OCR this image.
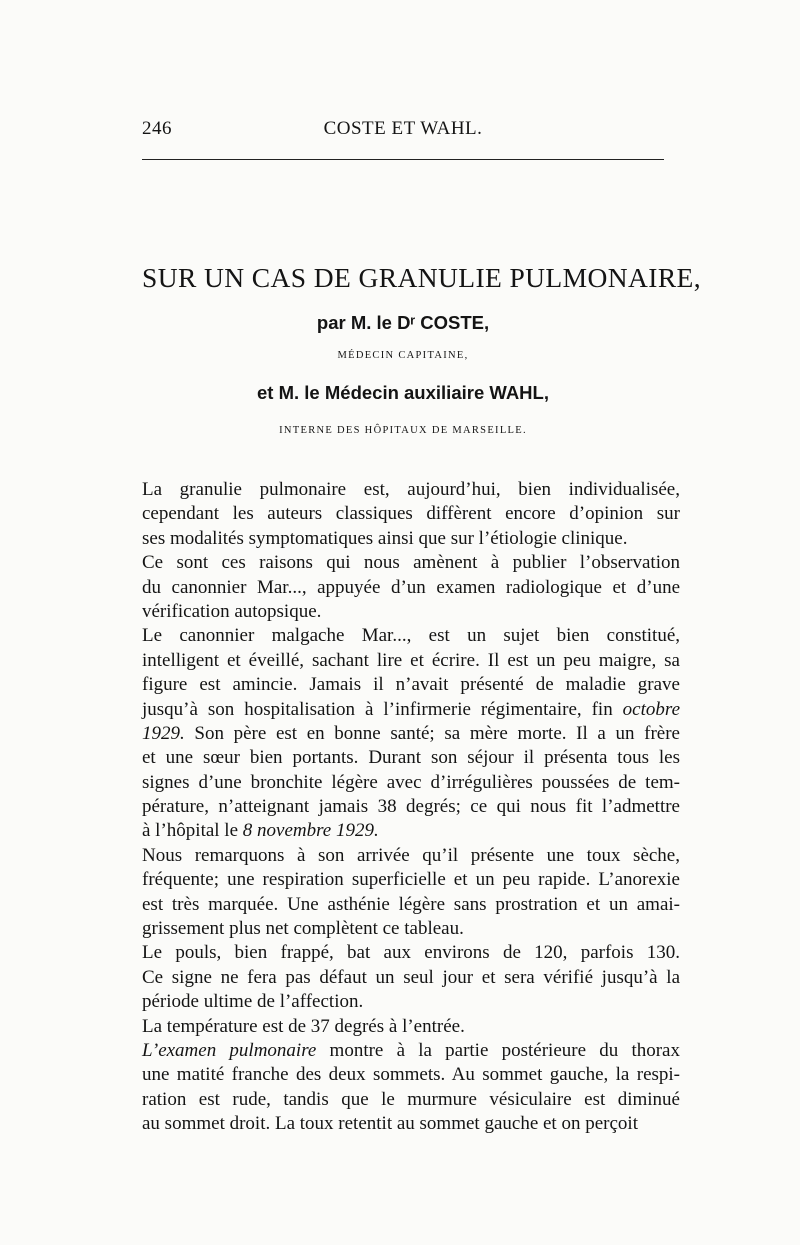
246	COSTE ET WAHL.
SUR UN CAS DE GRANULIE PULMONAIRE,
par M. le Dʳ COSTE,
MÉDECIN CAPITAINE,
et M. le Médecin auxiliaire WAHL,
INTERNE DES HÔPITAUX DE MARSEILLE.

La granulie pulmonaire est, aujourd’hui, bien individualisée,
cependant les auteurs classiques diffèrent encore d’opinion sur
ses modalités symptomatiques ainsi que sur l’étiologie clinique.

Ce sont ces raisons qui nous amènent à publier l’observation
du canonnier Mar..., appuyée d’un examen radiologique et d’une
vérification autopsique.

Le canonnier malgache Mar..., est un sujet bien constitué,
intelligent et éveillé, sachant lire et écrire. Il est un peu maigre, sa
figure est amincie. Jamais il n’avait présenté de maladie grave
jusqu’à son hospitalisation à l’infirmerie régimentaire, fin octobre
1929. Son père est en bonne santé; sa mère morte. Il a un frère
et une sœur bien portants. Durant son séjour il présenta tous les
signes d’une bronchite légère avec d’irrégulières poussées de tem-
pérature, n’atteignant jamais 38 degrés; ce qui nous fit l’admettre
à l’hôpital le 8 novembre 1929.

Nous remarquons à son arrivée qu’il présente une toux sèche,
fréquente; une respiration superficielle et un peu rapide. L’anorexie
est très marquée. Une asthénie légère sans prostration et un amai-
grissement plus net complètent ce tableau.

Le pouls, bien frappé, bat aux environs de 120, parfois 130.
Ce signe ne fera pas défaut un seul jour et sera vérifié jusqu’à la
période ultime de l’affection.

La température est de 37 degrés à l’entrée.

L’examen pulmonaire montre à la partie postérieure du thorax
une matité franche des deux sommets. Au sommet gauche, la respi-
ration est rude, tandis que le murmure vésiculaire est diminué
au sommet droit. La toux retentit au sommet gauche et on perçoit
